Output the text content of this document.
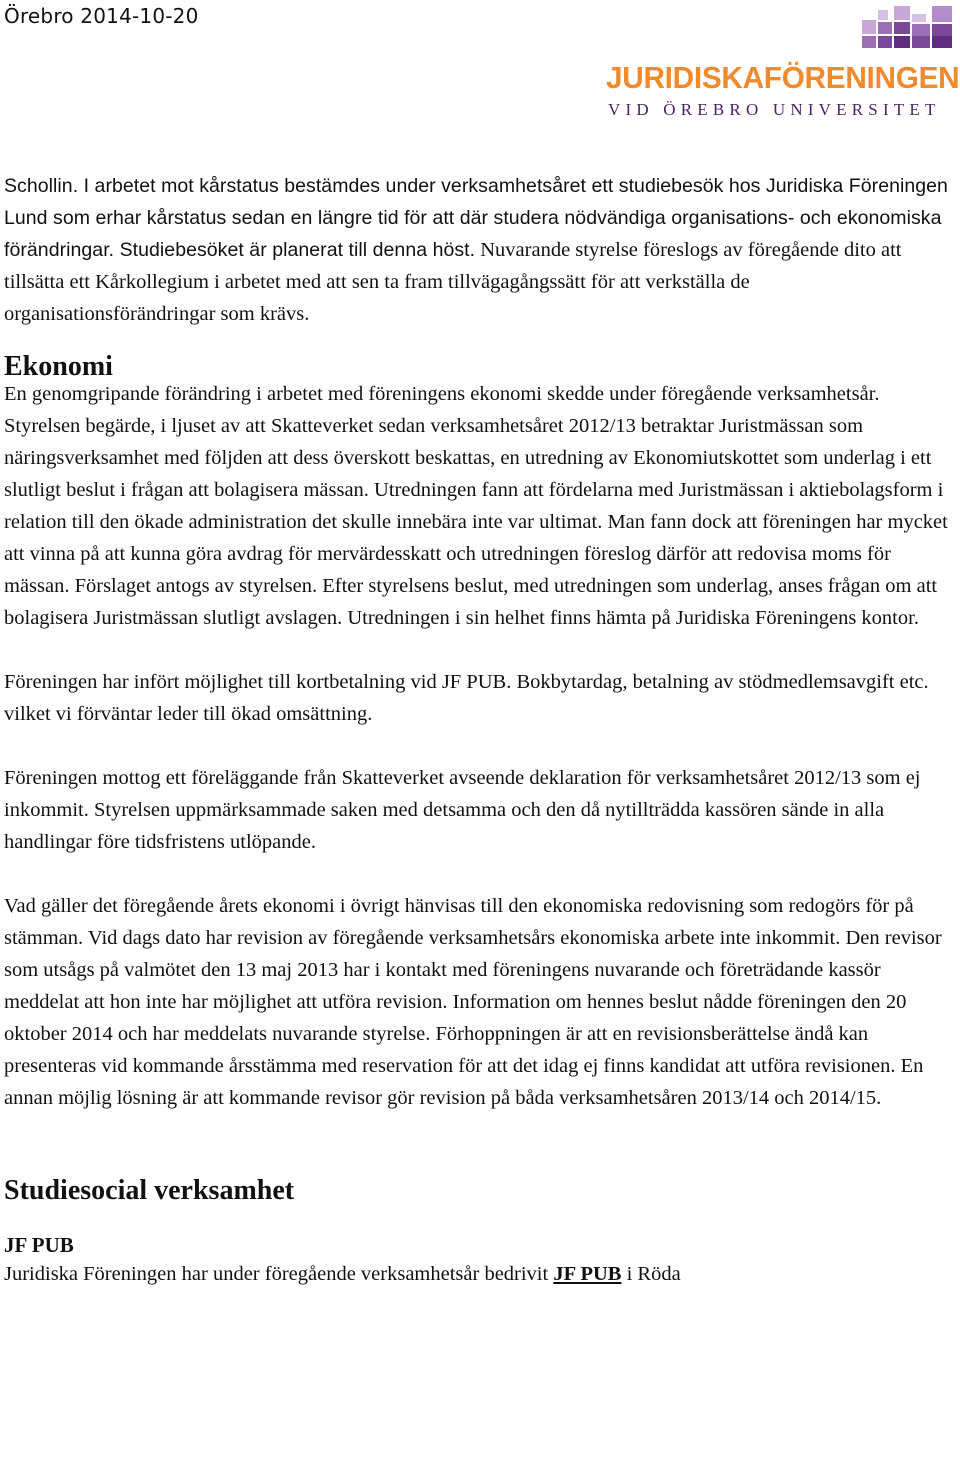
Örebro 2014-10-20
JURIDISKAFÖRENINGEN
VID ÖREBRO UNIVERSITET

Schollin. I arbetet mot kårstatus bestämdes under verksamhetsåret ett studiebesök hos Juridiska Föreningen Lund som erhar kårstatus sedan en längre tid för att där studera nödvändiga organisations- och ekonomiska förändringar. Studiebesöket är planerat till denna höst. Nuvarande styrelse föreslogs av föregående dito att tillsätta ett Kårkollegium i arbetet med att sen ta fram tillvägagångssätt för att verkställa de organisationsförändringar som krävs.

Ekonomi

En genomgripande förändring i arbetet med föreningens ekonomi skedde under föregående verksamhetsår. Styrelsen begärde, i ljuset av att Skatteverket sedan verksamhetsåret 2012/13 betraktar Juristmässan som näringsverksamhet med följden att dess överskott beskattas, en utredning av Ekonomiutskottet som underlag i ett slutligt beslut i frågan att bolagisera mässan. Utredningen fann att fördelarna med Juristmässan i aktiebolagsform i relation till den ökade administration det skulle innebära inte var ultimat. Man fann dock att föreningen har mycket att vinna på att kunna göra avdrag för mervärdesskatt och utredningen föreslog därför att redovisa moms för mässan. Förslaget antogs av styrelsen. Efter styrelsens beslut, med utredningen som underlag, anses frågan om att bolagisera Juristmässan slutligt avslagen. Utredningen i sin helhet finns hämta på Juridiska Föreningens kontor.

Föreningen har infört möjlighet till kortbetalning vid JF PUB. Bokbytardag, betalning av stödmedlemsavgift etc. vilket vi förväntar leder till ökad omsättning.

Föreningen mottog ett föreläggande från Skatteverket avseende deklaration för verksamhetsåret 2012/13 som ej inkommit. Styrelsen uppmärksammade saken med detsamma och den då nytillträdda kassören sände in alla handlingar före tidsfristens utlöpande.

Vad gäller det föregående årets ekonomi i övrigt hänvisas till den ekonomiska redovisning som redogörs för på stämman. Vid dags dato har revision av föregående verksamhetsårs ekonomiska arbete inte inkommit. Den revisor som utsågs på valmötet den 13 maj 2013 har i kontakt med föreningens nuvarande och företrädande kassör meddelat att hon inte har möjlighet att utföra revision. Information om hennes beslut nådde föreningen den 20 oktober 2014 och har meddelats nuvarande styrelse. Förhoppningen är att en revisionsberättelse ändå kan presenteras vid kommande årsstämma med reservation för att det idag ej finns kandidat att utföra revisionen. En annan möjlig lösning är att kommande revisor gör revision på båda verksamhetsåren 2013/14 och 2014/15.

Studiesocial verksamhet
JF PUB

Juridiska Föreningen har under föregående verksamhetsår bedrivit JF PUB i Röda
